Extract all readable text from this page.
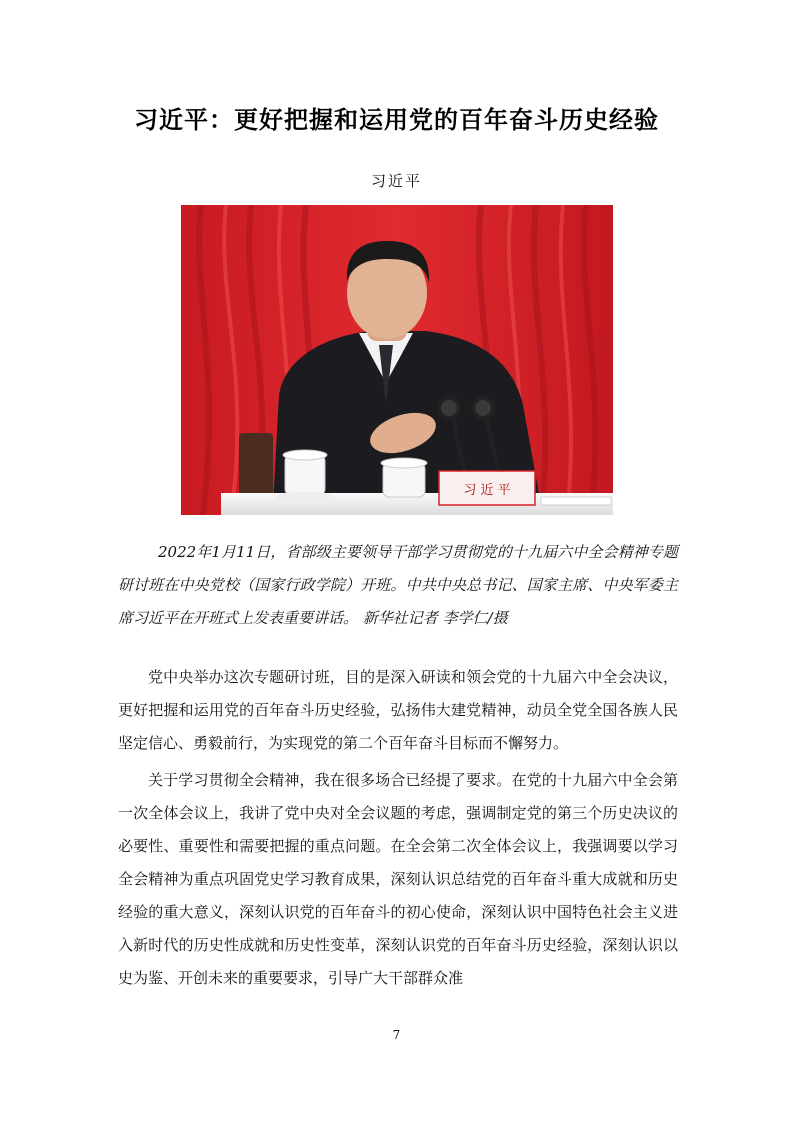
习近平：更好把握和运用党的百年奋斗历史经验
习近平
习 近 平
2022年1月11日，省部级主要领导干部学习贯彻党的十九届六中全会精神专题研讨班在中央党校（国家行政学院）开班。中共中央总书记、国家主席、中央军委主席习近平在开班式上发表重要讲话。 新华社记者 李学仁/摄
党中央举办这次专题研讨班，目的是深入研读和领会党的十九届六中全会决议，更好把握和运用党的百年奋斗历史经验，弘扬伟大建党精神，动员全党全国各族人民坚定信心、勇毅前行，为实现党的第二个百年奋斗目标而不懈努力。
关于学习贯彻全会精神，我在很多场合已经提了要求。在党的十九届六中全会第一次全体会议上，我讲了党中央对全会议题的考虑，强调制定党的第三个历史决议的必要性、重要性和需要把握的重点问题。在全会第二次全体会议上，我强调要以学习全会精神为重点巩固党史学习教育成果，深刻认识总结党的百年奋斗重大成就和历史经验的重大意义，深刻认识党的百年奋斗的初心使命，深刻认识中国特色社会主义进入新时代的历史性成就和历史性变革，深刻认识党的百年奋斗历史经验，深刻认识以史为鉴、开创未来的重要要求，引导广大干部群众准
7
